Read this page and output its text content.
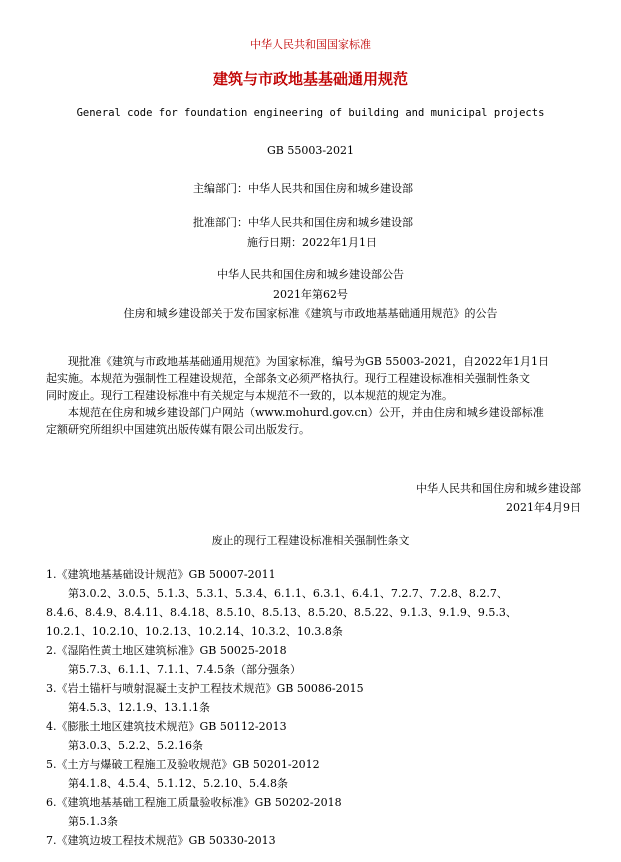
中华人民共和国国家标准
建筑与市政地基基础通用规范
General code for foundation engineering of building and municipal projects
GB 55003-2021
主编部门：中华人民共和国住房和城乡建设部
批准部门：中华人民共和国住房和城乡建设部
施行日期：2022年1月1日
中华人民共和国住房和城乡建设部公告
2021年第62号
住房和城乡建设部关于发布国家标准《建筑与市政地基基础通用规范》的公告
现批准《建筑与市政地基基础通用规范》为国家标准，编号为GB 55003-2021，自2022年1月1日
起实施。本规范为强制性工程建设规范，全部条文必须严格执行。现行工程建设标准相关强制性条文
同时废止。现行工程建设标准中有关规定与本规范不一致的，以本规范的规定为准。
本规范在住房和城乡建设部门户网站（www.mohurd.gov.cn）公开，并由住房和城乡建设部标准
定额研究所组织中国建筑出版传媒有限公司出版发行。
中华人民共和国住房和城乡建设部
2021年4月9日
废止的现行工程建设标准相关强制性条文
1.《建筑地基基础设计规范》GB 50007-2011
第3.0.2、3.0.5、5.1.3、5.3.1、5.3.4、6.1.1、6.3.1、6.4.1、7.2.7、7.2.8、8.2.7、
8.4.6、8.4.9、8.4.11、8.4.18、8.5.10、8.5.13、8.5.20、8.5.22、9.1.3、9.1.9、9.5.3、
10.2.1、10.2.10、10.2.13、10.2.14、10.3.2、10.3.8条
2.《湿陷性黄土地区建筑标准》GB 50025-2018
第5.7.3、6.1.1、7.1.1、7.4.5条（部分强条）
3.《岩土锚杆与喷射混凝土支护工程技术规范》GB 50086-2015
第4.5.3、12.1.9、13.1.1条
4.《膨胀土地区建筑技术规范》GB 50112-2013
第3.0.3、5.2.2、5.2.16条
5.《土方与爆破工程施工及验收规范》GB 50201-2012
第4.1.8、4.5.4、5.1.12、5.2.10、5.4.8条
6.《建筑地基基础工程施工质量验收标准》GB 50202-2018
第5.1.3条
7.《建筑边坡工程技术规范》GB 50330-2013
